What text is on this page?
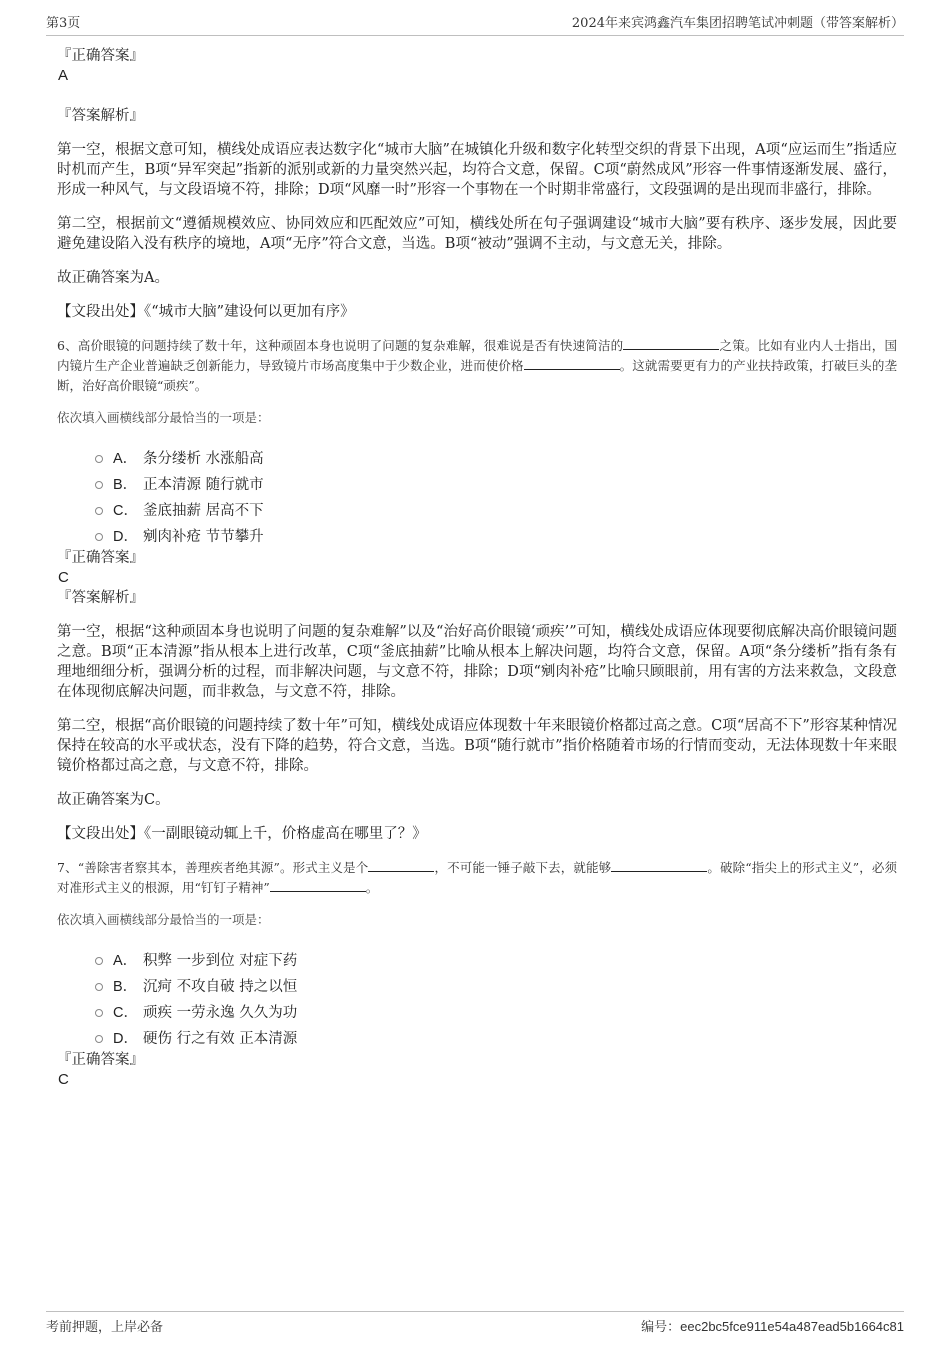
第3页	2024年来宾鸿鑫汽车集团招聘笔试冲刺题（带答案解析）

『正确答案』

A

『答案解析』

第一空，根据文意可知，横线处成语应表达数字化“城市大脑”在城镇化升级和数字化转型交织的背景下出现，A项“应运而生”指适应时机而产生，B项“异军突起”指新的派别或新的力量突然兴起，均符合文意，保留。C项“蔚然成风”形容一件事情逐渐发展、盛行，形成一种风气，与文段语境不符，排除；D项“风靡一时”形容一个事物在一个时期非常盛行，文段强调的是出现而非盛行，排除。

第二空，根据前文“遵循规模效应、协同效应和匹配效应”可知，横线处所在句子强调建设“城市大脑”要有秩序、逐步发展，因此要避免建设陷入没有秩序的境地，A项“无序”符合文意，当选。B项“被动”强调不主动，与文意无关，排除。

故正确答案为A。

【文段出处】《“城市大脑”建设何以更加有序》

6、高价眼镜的问题持续了数十年，这种顽固本身也说明了问题的复杂难解，很难说是否有快速简洁的	之策。比如有业内人士指出，国内镜片生产企业普遍缺乏创新能力，导致镜片市场高度集中于少数企业，进而使价格	。这就需要更有力的产业扶持政策，打破巨头的垄断，治好高价眼镜“顽疾”。

依次填入画横线部分最恰当的一项是：

A． 条分缕析 水涨船高
B． 正本清源 随行就市
C． 釜底抽薪 居高不下
D． 剜肉补疮 节节攀升

『正确答案』

C

『答案解析』

第一空，根据“这种顽固本身也说明了问题的复杂难解”以及“治好高价眼镜‘顽疾’”可知，横线处成语应体现要彻底解决高价眼镜问题之意。B项“正本清源”指从根本上进行改革，C项“釜底抽薪”比喻从根本上解决问题，均符合文意，保留。A项“条分缕析”指有条有理地细细分析，强调分析的过程，而非解决问题，与文意不符，排除；D项“剜肉补疮”比喻只顾眼前，用有害的方法来救急，文段意在体现彻底解决问题，而非救急，与文意不符，排除。

第二空，根据“高价眼镜的问题持续了数十年”可知，横线处成语应体现数十年来眼镜价格都过高之意。C项“居高不下”形容某种情况保持在较高的水平或状态，没有下降的趋势，符合文意，当选。B项“随行就市”指价格随着市场的行情而变动，无法体现数十年来眼镜价格都过高之意，与文意不符，排除。

故正确答案为C。

【文段出处】《一副眼镜动辄上千，价格虚高在哪里了？》

7、“善除害者察其本，善理疾者绝其源”。形式主义是个	，不可能一锤子敲下去，就能够	。破除“指尖上的形式主义”，必须对准形式主义的根源，用“钉钉子精神”	。

依次填入画横线部分最恰当的一项是：

A． 积弊 一步到位 对症下药
B． 沉疴 不攻自破 持之以恒
C． 顽疾 一劳永逸 久久为功
D． 硬伤 行之有效 正本清源

『正确答案』

C

考前押题，上岸必备	编号：eec2bc5fce911e54a487ead5b1664c81
